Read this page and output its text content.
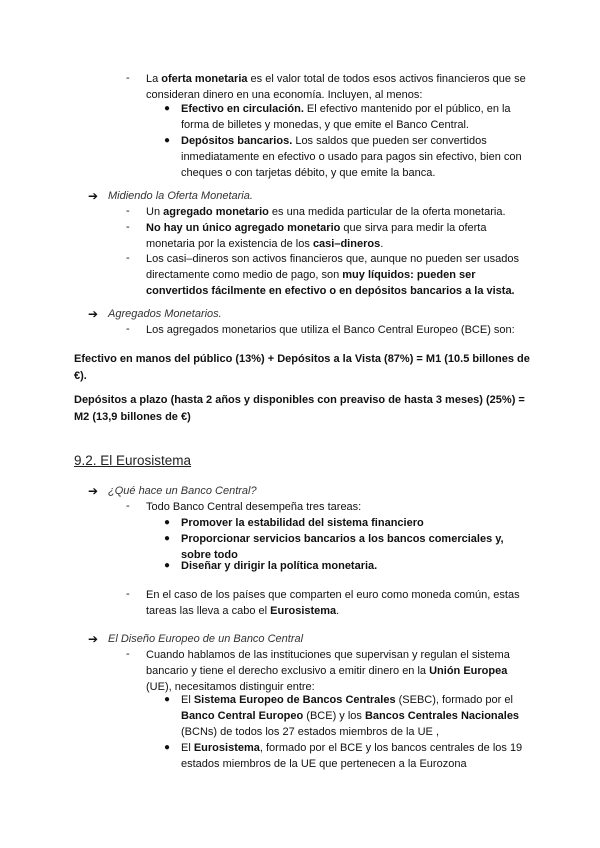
- La oferta monetaria es el valor total de todos esos activos financieros que se consideran dinero en una economía. Incluyen, al menos:
● Efectivo en circulación. El efectivo mantenido por el público, en la forma de billetes y monedas, y que emite el Banco Central.
● Depósitos bancarios. Los saldos que pueden ser convertidos inmediatamente en efectivo o usado para pagos sin efectivo, bien con cheques o con tarjetas débito, y que emite la banca.
➔ Midiendo la Oferta Monetaria.
- Un agregado monetario es una medida particular de la oferta monetaria.
- No hay un único agregado monetario que sirva para medir la oferta monetaria por la existencia de los casi–dineros.
- Los casi–dineros son activos financieros que, aunque no pueden ser usados directamente como medio de pago, son muy líquidos: pueden ser convertidos fácilmente en efectivo o en depósitos bancarios a la vista.
➔ Agregados Monetarios.
- Los agregados monetarios que utiliza el Banco Central Europeo (BCE) son:
Efectivo en manos del público (13%) + Depósitos a la Vista (87%) = M1 (10.5 billones de €).
Depósitos a plazo (hasta 2 años y disponibles con preaviso de hasta 3 meses) (25%) = M2 (13,9 billones de €)
9.2. El Eurosistema
➔ ¿Qué hace un Banco Central?
- Todo Banco Central desempeña tres tareas:
● Promover la estabilidad del sistema financiero
● Proporcionar servicios bancarios a los bancos comerciales y, sobre todo
● Diseñar y dirigir la política monetaria.
- En el caso de los países que comparten el euro como moneda común, estas tareas las lleva a cabo el Eurosistema.
➔ El Diseño Europeo de un Banco Central
- Cuando hablamos de las instituciones que supervisan y regulan el sistema bancario y tiene el derecho exclusivo a emitir dinero en la Unión Europea (UE), necesitamos distinguir entre:
● El Sistema Europeo de Bancos Centrales (SEBC), formado por el Banco Central Europeo (BCE) y los Bancos Centrales Nacionales (BCNs) de todos los 27 estados miembros de la UE ,
● El Eurosistema, formado por el BCE y los bancos centrales de los 19 estados miembros de la UE que pertenecen a la Eurozona
